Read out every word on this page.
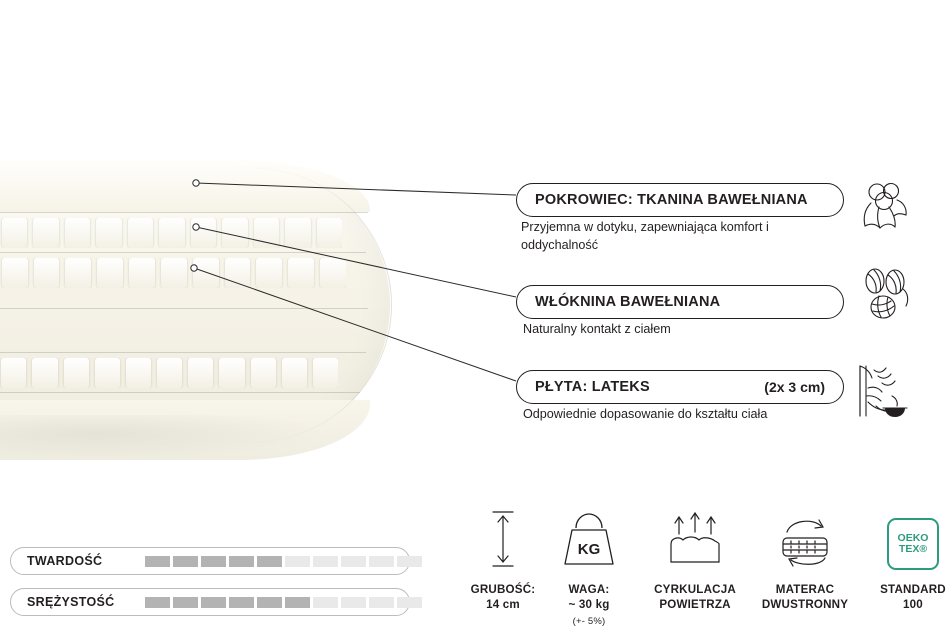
POKROWIEC: TKANINA BAWEŁNIANA
Przyjemna w dotyku, zapewniająca komfort i oddychalność
WŁÓKNINA BAWEŁNIANA
Naturalny kontakt z ciałem
PŁYTA: LATEKS	(2x 3 cm)
Odpowiednie dopasowanie do kształtu ciała
TWARDOŚĆ
SRĘŻYSTOŚĆ
GRUBOŚĆ:
14 cm
KG
WAGA:
~ 30 kg
(+- 5%)
CYRKULACJA
POWIETRZA
MATERAC
DWUSTRONNY
OEKO
TEX®
STANDARD
100
